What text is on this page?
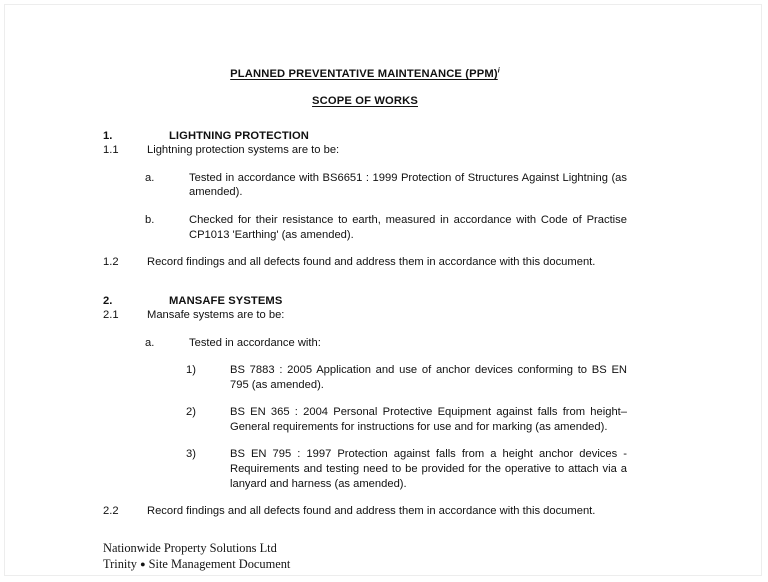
PLANNED PREVENTATIVE MAINTENANCE (PPM)$^i$
SCOPE OF WORKS
1.	LIGHTNING PROTECTION
1.1	Lightning protection systems are to be:
a.	Tested in accordance with BS6651 : 1999 Protection of Structures Against Lightning (as amended).
b.	Checked for their resistance to earth, measured in accordance with Code of Practise CP1013 'Earthing' (as amended).
1.2	Record findings and all defects found and address them in accordance with this document.
2.	MANSAFE SYSTEMS
2.1	Mansafe systems are to be:
a.	Tested in accordance with:
1)	BS 7883 : 2005 Application and use of anchor devices conforming to BS EN 795 (as amended).
2)	BS EN 365 : 2004 Personal Protective Equipment against falls from height–General requirements for instructions for use and for marking (as amended).
3)	BS EN 795 : 1997 Protection against falls from a height anchor devices - Requirements and testing need to be provided for the operative to attach via a lanyard and harness (as amended).
2.2	Record findings and all defects found and address them in accordance with this document.
Nationwide Property Solutions Ltd
Trinity ● Site Management Document
